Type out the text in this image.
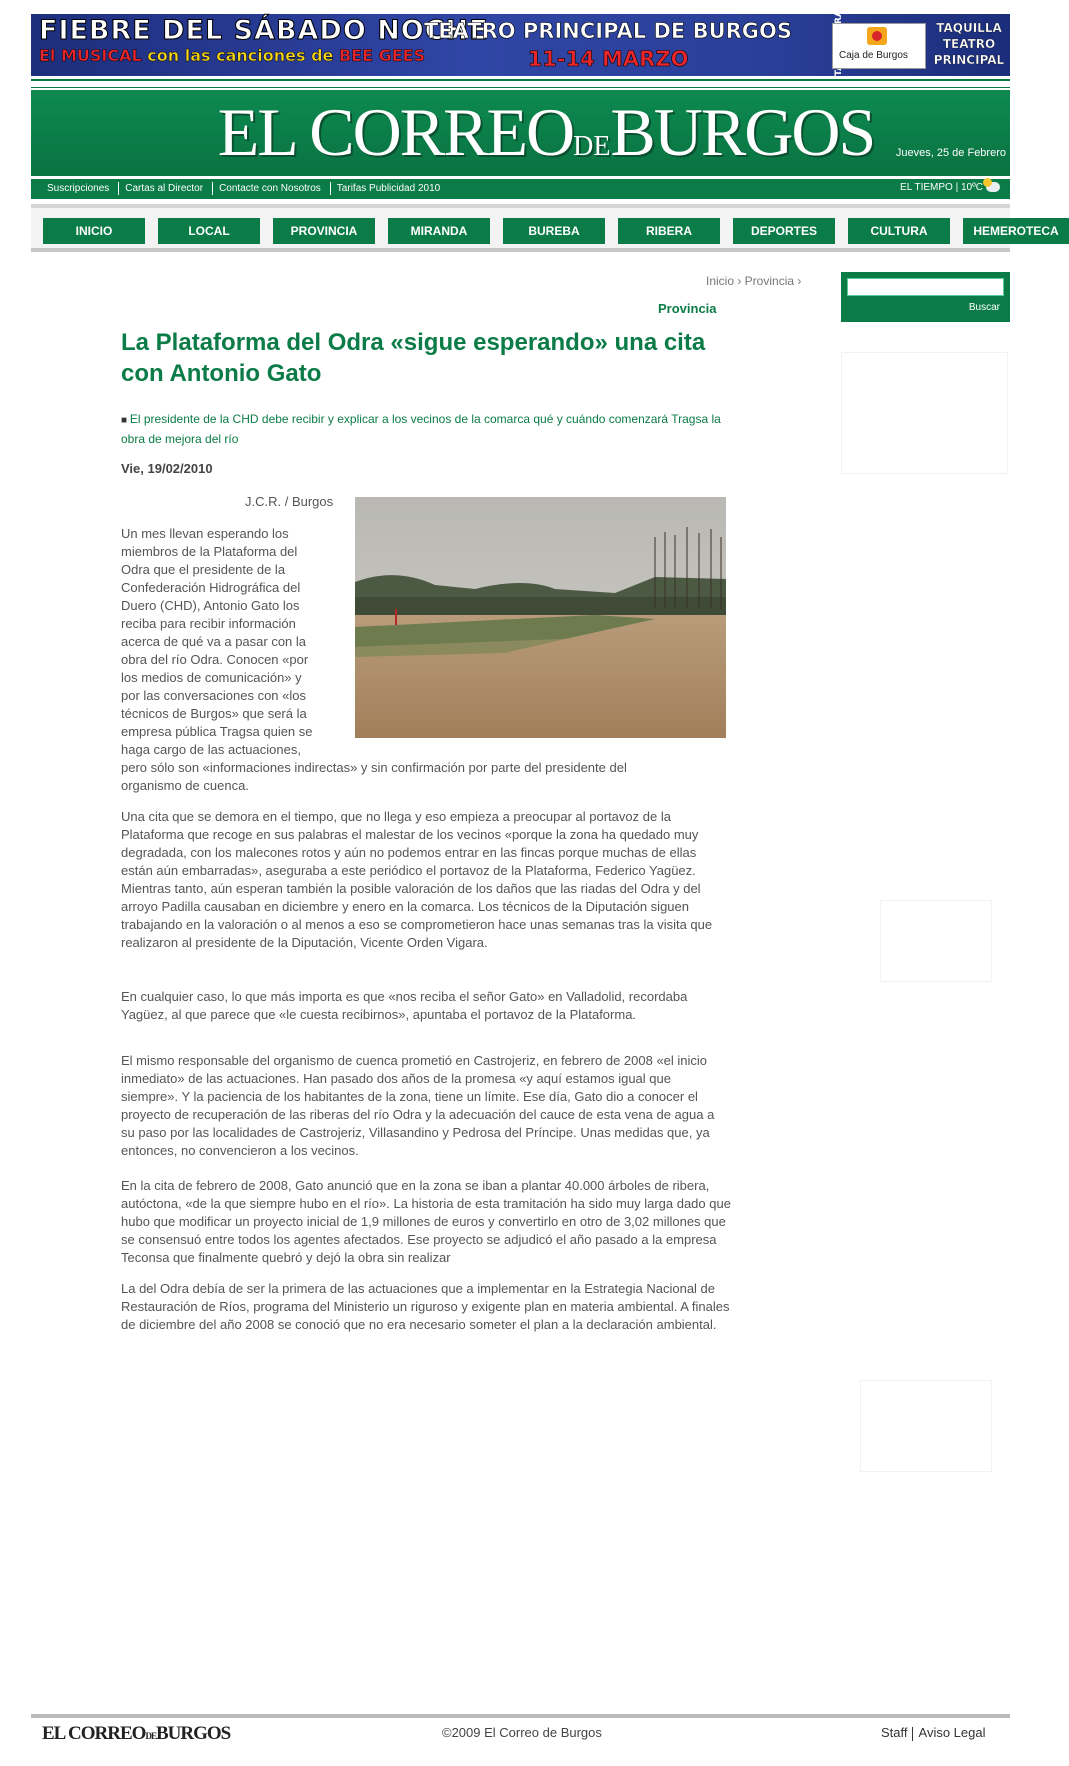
FIEBRE DEL SÁBADO NOCHE
El MUSICAL con las canciones de BEE GEES
TEATRO PRINCIPAL DE BURGOS
11-14 MARZO	Caja de Burgos
TAQUILLA TEATRO PRINCIPAL
EL CORREODEBURGOS	Jueves, 25 de Febrero
Suscripciones Cartas al Director Contacte con Nosotros Tarifas Publicidad 2010	EL TIEMPO | 10ºC
INICIO	LOCAL	PROVINCIA	MIRANDA	BUREBA	RIBERA	DEPORTES	CULTURA	HEMEROTECA
Buscar
Inicio › Provincia ›
Provincia
La Plataforma del Odra «sigue esperando» una cita con Antonio Gato
■ El presidente de la CHD debe recibir y explicar a los vecinos de la comarca qué y cuándo comenzará Tragsa la obra de mejora del río
Vie, 19/02/2010
J.C.R. / Burgos
Un mes llevan esperando los miembros de la Plataforma del Odra que el presidente de la Confederación Hidrográfica del Duero (CHD), Antonio Gato los reciba para recibir información acerca de qué va a pasar con la obra del río Odra. Conocen «por los medios de comunicación» y por las conversaciones con «los técnicos de Burgos» que será la empresa pública Tragsa quien se haga cargo de las actuaciones,
pero sólo son «informaciones indirectas» y sin confirmación por parte del presidente del organismo de cuenca.
Una cita que se demora en el tiempo, que no llega y eso empieza a preocupar al portavoz de la Plataforma que recoge en sus palabras el malestar de los vecinos «porque la zona ha quedado muy degradada, con los malecones rotos y aún no podemos entrar en las fincas porque muchas de ellas están aún embarradas», aseguraba a este periódico el portavoz de la Plataforma, Federico Yagüez. Mientras tanto, aún esperan también la posible valoración de los daños que las riadas del Odra y del arroyo Padilla causaban en diciembre y enero en la comarca. Los técnicos de la Diputación siguen trabajando en la valoración o al menos a eso se comprometieron hace unas semanas tras la visita que realizaron al presidente de la Diputación, Vicente Orden Vigara.
En cualquier caso, lo que más importa es que «nos reciba el señor Gato» en Valladolid, recordaba Yagüez, al que parece que «le cuesta recibirnos», apuntaba el portavoz de la Plataforma.
El mismo responsable del organismo de cuenca prometió en Castrojeriz, en febrero de 2008 «el inicio inmediato» de las actuaciones. Han pasado dos años de la promesa «y aquí estamos igual que siempre». Y la paciencia de los habitantes de la zona, tiene un límite. Ese día, Gato dio a conocer el proyecto de recuperación de las riberas del río Odra y la adecuación del cauce de esta vena de agua a su paso por las localidades de Castrojeriz, Villasandino y Pedrosa del Príncipe. Unas medidas que, ya entonces, no convencieron a los vecinos.
En la cita de febrero de 2008, Gato anunció que en la zona se iban a plantar 40.000 árboles de ribera, autóctona, «de la que siempre hubo en el río». La historia de esta tramitación ha sido muy larga dado que hubo que modificar un proyecto inicial de 1,9 millones de euros y convertirlo en otro de 3,02 millones que se consensuó entre todos los agentes afectados. Ese proyecto se adjudicó el año pasado a la empresa Teconsa que finalmente quebró y dejó la obra sin realizar
La del Odra debía de ser la primera de las actuaciones que a implementar en la Estrategia Nacional de Restauración de Ríos, programa del Ministerio un riguroso y exigente plan en materia ambiental. A finales de diciembre del año 2008 se conoció que no era necesario someter el plan a la declaración ambiental.
EL CORREODEBURGOS	©2009 El Correo de Burgos	Staff Aviso Legal
